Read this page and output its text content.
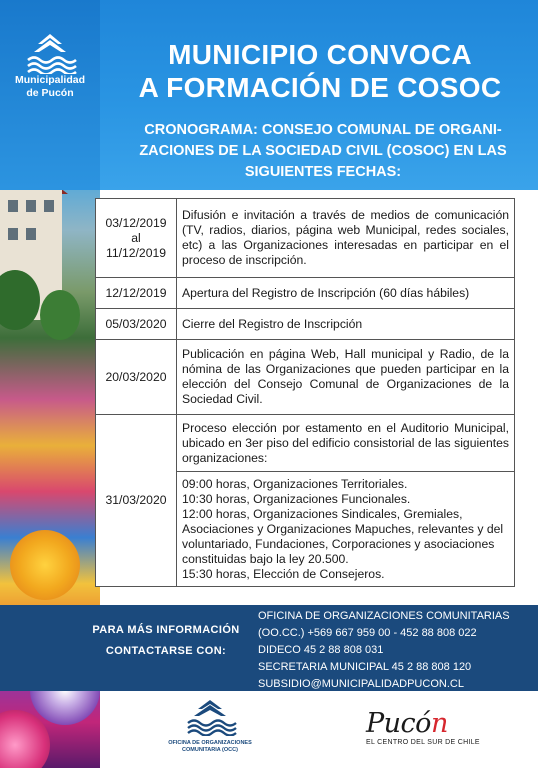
Municipalidad
de Pucón
MUNICIPIO CONVOCA
A FORMACIÓN DE COSOC
CRONOGRAMA: CONSEJO COMUNAL DE ORGANI-
ZACIONES DE LA SOCIEDAD CIVIL (COSOC) EN LAS
SIGUIENTES FECHAS:
03/12/2019
al
11/12/2019	Difusión e invitación a través de medios de comunicación (TV, radios, diarios, página web Municipal, redes sociales, etc) a las Organizaciones interesadas en participar en el proceso de inscripción.
12/12/2019	Apertura del Registro de Inscripción (60 días hábiles)
05/03/2020	Cierre del Registro de Inscripción
20/03/2020	Publicación en página Web, Hall municipal y Radio, de la nómina de las Organizaciones que pueden participar en la elección del Consejo Comunal de Organizaciones de la Sociedad Civil.
31/03/2020	Proceso elección por estamento en el Auditorio Municipal, ubicado en 3er piso del edificio consistorial de las siguientes organizaciones:

	09:00 horas, Organizaciones Territoriales.
10:30 horas, Organizaciones Funcionales.
12:00 horas, Organizaciones Sindicales, Gremiales, Asociaciones y Organizaciones Mapuches, relevantes y del voluntariado, Fundaciones, Corporaciones y asociaciones constituidas bajo la ley 20.500.
15:30 horas, Elección de Consejeros.
PARA MÁS INFORMACIÓN
CONTACTARSE CON:
OFICINA DE ORGANIZACIONES COMUNITARIAS
(OO.CC.) +569 667 959 00 - 452 88 808 022
DIDECO 45 2 88 808 031
SECRETARIA MUNICIPAL 45 2 88 808 120
SUBSIDIO@MUNICIPALIDADPUCON.CL
OFICINA DE ORGANIZACIONES
COMUNITARIA (OCC)
Pucón
EL CENTRO DEL SUR DE CHILE
